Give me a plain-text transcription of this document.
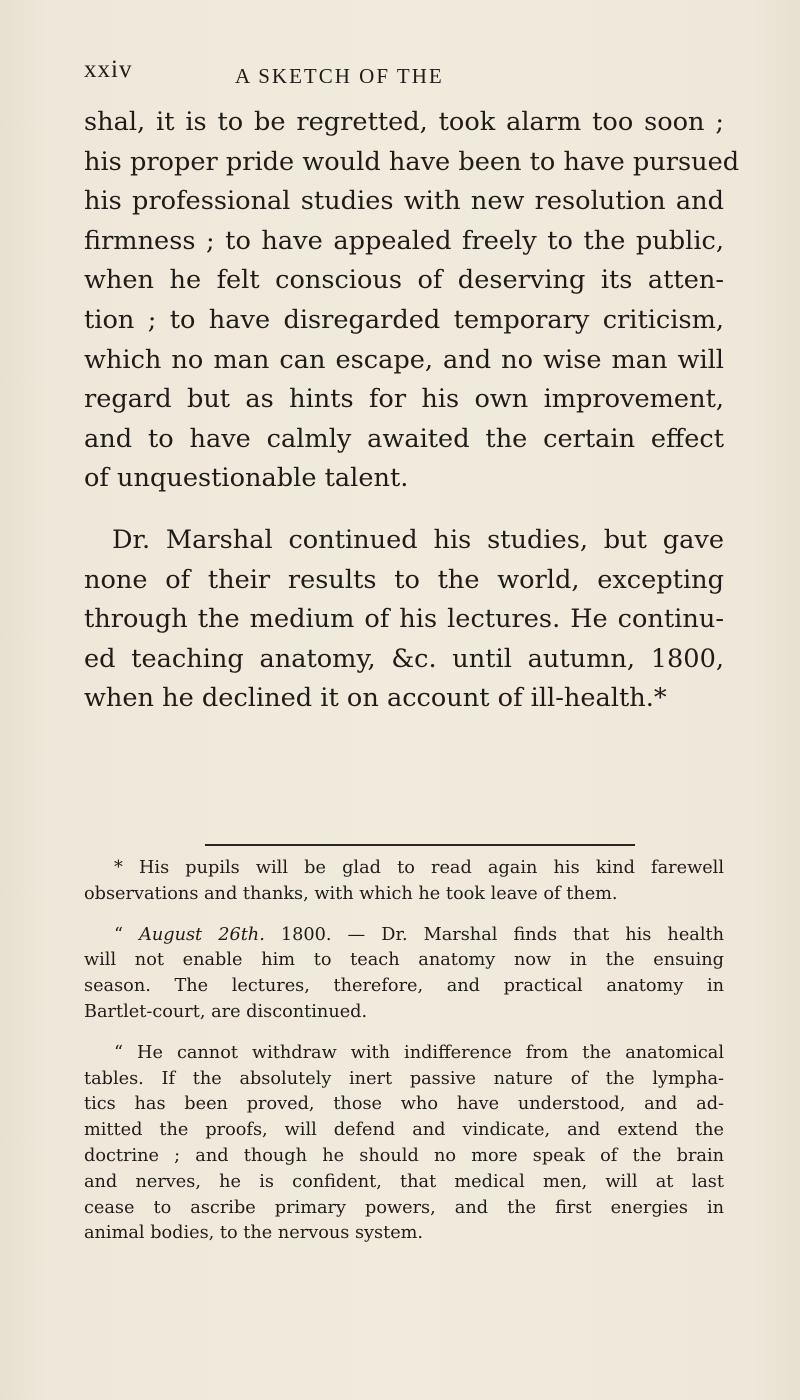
xxiv	A SKETCH OF THE
shal, it is to be regretted, took alarm too soon ;
his proper pride would have been to have pursued
his professional studies with new resolution and
firmness ; to have appealed freely to the public,
when he felt conscious of deserving its atten-
tion ; to have disregarded temporary criticism,
which no man can escape, and no wise man will
regard but as hints for his own improvement,
and to have calmly awaited the certain effect
of unquestionable talent.
Dr. Marshal continued his studies, but gave
none of their results to the world, excepting
through the medium of his lectures. He continu-
ed teaching anatomy, &c. until autumn, 1800,
when he declined it on account of ill-health.*
* His pupils will be glad to read again his kind farewell
observations and thanks, with which he took leave of them.
“ August 26th. 1800. — Dr. Marshal finds that his health
will not enable him to teach anatomy now in the ensuing
season. The lectures, therefore, and practical anatomy in
Bartlet-court, are discontinued.
“ He cannot withdraw with indifference from the anatomical
tables. If the absolutely inert passive nature of the lympha-
tics has been proved, those who have understood, and ad-
mitted the proofs, will defend and vindicate, and extend the
doctrine ; and though he should no more speak of the brain
and nerves, he is confident, that medical men, will at last
cease to ascribe primary powers, and the first energies in
animal bodies, to the nervous system.
